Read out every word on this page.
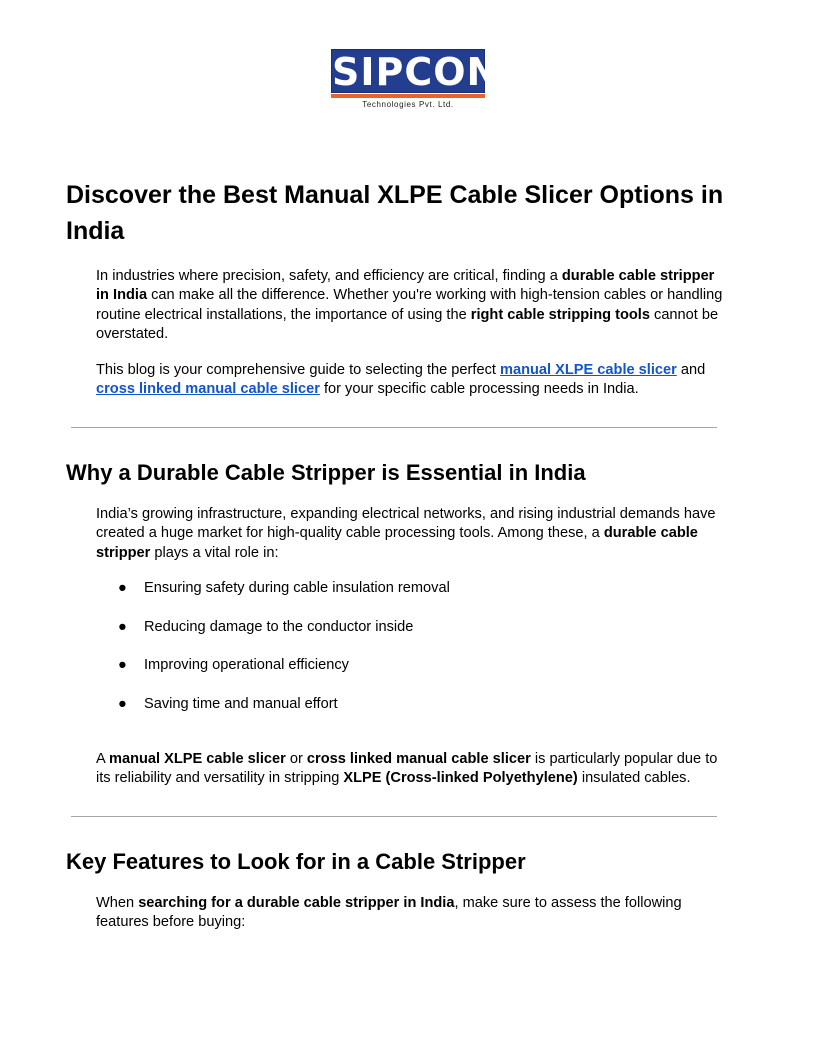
SIPCON
Technologies Pvt. Ltd.
Discover the Best Manual XLPE Cable Slicer Options in India

In industries where precision, safety, and efficiency are critical, finding a durable cable stripper in India can make all the difference. Whether you're working with high-tension cables or handling routine electrical installations, the importance of using the right cable stripping tools cannot be overstated.

This blog is your comprehensive guide to selecting the perfect manual XLPE cable slicer and cross linked manual cable slicer for your specific cable processing needs in India.

Why a Durable Cable Stripper is Essential in India

India’s growing infrastructure, expanding electrical networks, and rising industrial demands have created a huge market for high-quality cable processing tools. Among these, a durable cable stripper plays a vital role in:

● Ensuring safety during cable insulation removal
● Reducing damage to the conductor inside
● Improving operational efficiency
● Saving time and manual effort

A manual XLPE cable slicer or cross linked manual cable slicer is particularly popular due to its reliability and versatility in stripping XLPE (Cross-linked Polyethylene) insulated cables.

Key Features to Look for in a Cable Stripper

When searching for a durable cable stripper in India, make sure to assess the following features before buying:
